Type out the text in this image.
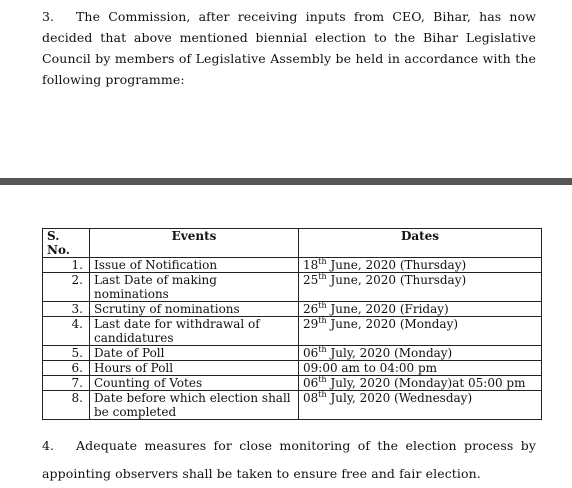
3. The Commission, after receiving inputs from CEO, Bihar, has now decided that above mentioned biennial election to the Bihar Legislative Council by members of Legislative Assembly be held in accordance with the following programme:
S. No.	Events	Dates
1.	Issue of Notification	18th June, 2020 (Thursday)
2.	Last Date of making nominations	25th June, 2020 (Thursday)
3.	Scrutiny of nominations	26th June, 2020 (Friday)
4.	Last date for withdrawal of candidatures	29th June, 2020 (Monday)
5.	Date of Poll	06th July, 2020 (Monday)
6.	Hours of Poll	09:00 am to 04:00 pm
7.	Counting of Votes	06th July, 2020 (Monday)at 05:00 pm
8.	Date before which election shall be completed	08th July, 2020 (Wednesday)
4. Adequate measures for close monitoring of the election process by appointing observers shall be taken to ensure free and fair election.
